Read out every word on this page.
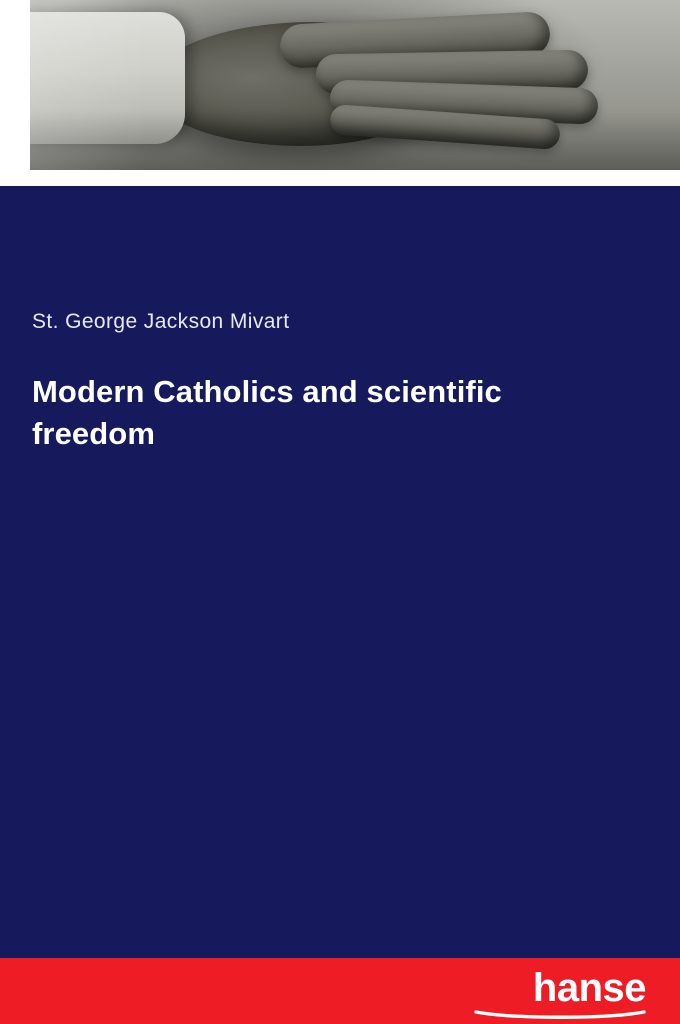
St. George Jackson Mivart
Modern Catholics and scientific freedom
hanse
